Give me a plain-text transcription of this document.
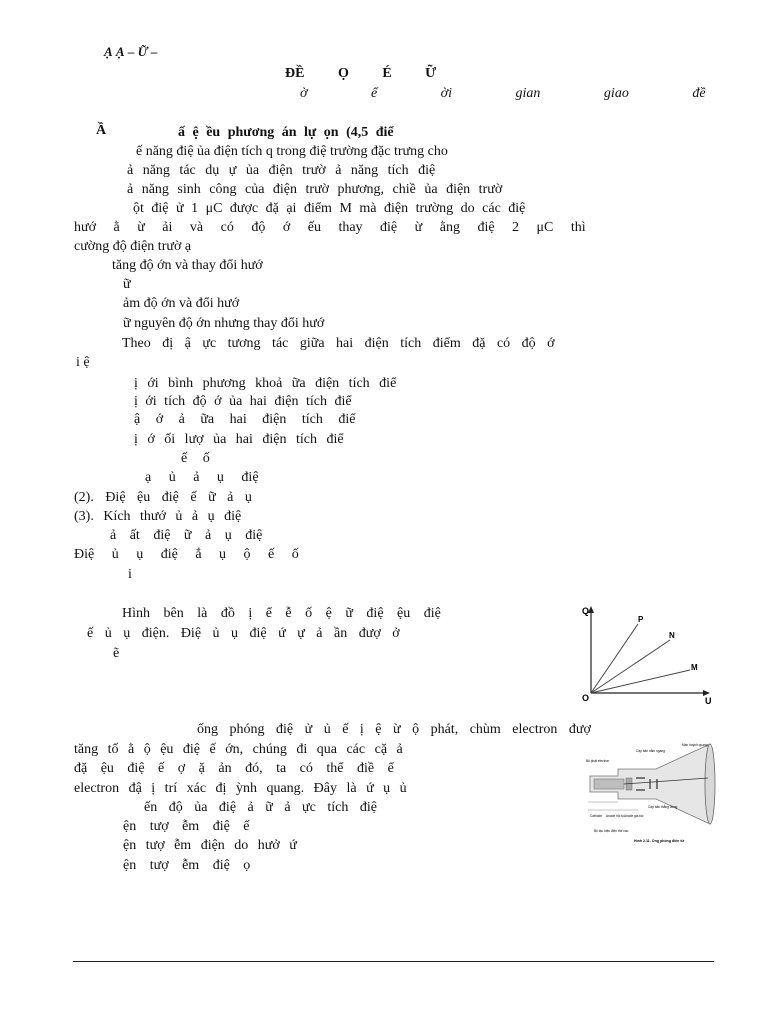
Ạ Ạ – Ữ –
ĐỀ Ọ É Ữ
ờ ể ời gian giao đề
Ầ	ấ ệ ều phương án lự ọn (4,5 điể
ế năng điệ ủa điện tích q trong điệ trường đặc trưng cho
ả năng tác dụ ự ủa điện trườ ả năng tích điệ
ả năng sinh công của điện trườ phương, chiề ủa điện trườ
ột điệ ử 1 μC được đặ ại điểm M mà điện trường do các điệ
hướ ằ ừ ải và có độ ớ ếu thay điệ ừ ằng điệ 2 μC thì
cường độ điện trườ ạ
tăng độ ớn và thay đổi hướ
ữ
ảm độ ớn và đổi hướ
ữ nguyên độ ớn nhưng thay đổi hướ
Theo đị ậ ực tương tác giữa hai điện tích điểm đặ có độ ớ
i ệ
ị ới bình phương khoả ữa điện tích điể
ị ới tích độ ớ ủa hai điện tích điể
ậ ớ ả ữa hai điện tích điể
ị ớ ối lượ ủa hai điện tích điể
ế ố
ạ ủ ả ụ điệ
(2). Điệ ệu điệ ế ữ ả ụ
(3). Kích thướ ủ ả ụ điệ
ả ất điệ ữ ả ụ điệ
Điệ ủ ụ điệ ắ ụ ộ ế ố
i
Hình bên là đồ ị ể ễ ố ệ ữ điệ ệu điệ
ế ủ ụ điện. Điệ ủ ụ điệ ứ ự ả ần đượ ở
ẽ
ống phóng điệ ử ủ ế ị ệ ừ ộ phát, chùm electron đượ
tăng tố ằ ộ ệu điệ ế ớn, chúng đi qua các cặ ả
đặ ệu điệ ế ợ ặ ản đó, ta có thể điề ể
electron đậ ị trí xác đị ỳnh quang. Đây là ứ ụ ủ
ến độ ủa điệ ả ữ ả ực tích điệ
ện tượ ễm điệ ế
ện tượ ễm điện do hưở ứ
ện tượ ễm điệ ọ
Q
O	U
P
N
M
Bộ phát electron
Cặp bản nằm ngang
Màn huỳnh quang
Cặp bản thẳng đứng
Cathode Anode hội tụ Anode gia tốc
Bộ tạo hiệu điện thế cao
Hình 2.11. Ống phóng điện tử
